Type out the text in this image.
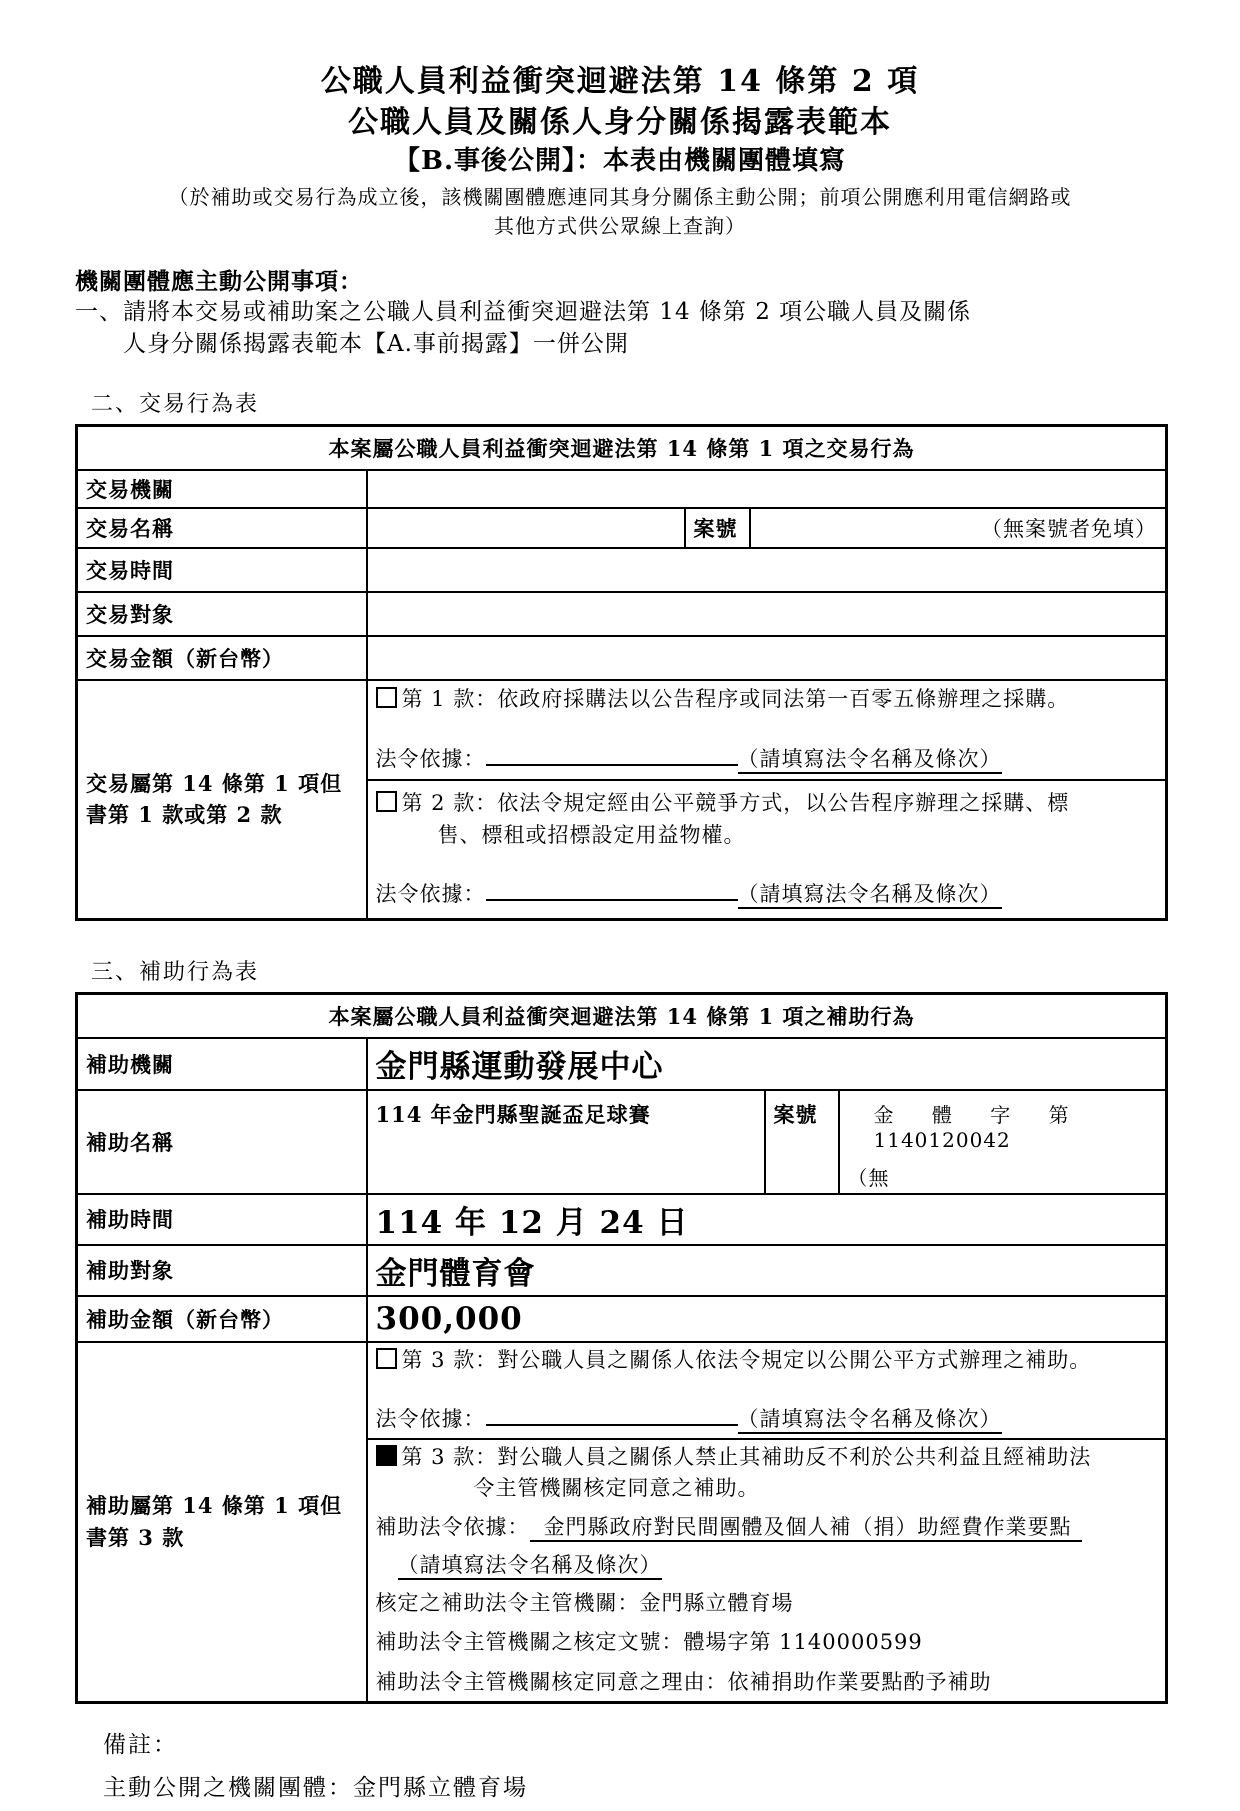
公職人員利益衝突迴避法第 14 條第 2 項
公職人員及關係人身分關係揭露表範本
【B.事後公開】：本表由機關團體填寫
（於補助或交易行為成立後，該機關團體應連同其身分關係主動公開；前項公開應利用電信網路或
其他方式供公眾線上查詢）
機關團體應主動公開事項：
一、 請將本交易或補助案之公職人員利益衝突迴避法第 14 條第 2 項公職人員及關係
人身分關係揭露表範本【A.事前揭露】一併公開
二、交易行為表
本案屬公職人員利益衝突迴避法第 14 條第 1 項之交易行為			
交易機關			
交易名稱		案號	（無案號者免填）
交易時間			
交易對象			
交易金額（新台幣）			
交易屬第 14 條第 1 項但書第 1 款或第 2 款	第 1 款：依政府採購法以公告程序或同法第一百零五條辦理之採購。
法令依據： （請填寫法令名稱及條次）		

	第 2 款：依法令規定經由公平競爭方式，以公告程序辦理之採購、標
售、標租或招標設定用益物權。
法令依據： （請填寫法令名稱及條次）		
三、補助行為表
本案屬公職人員利益衝突迴避法第 14 條第 1 項之補助行為			
補助機關	金門縣運動發展中心		
補助名稱	114 年金門縣聖誕盃足球賽	案號	金 體 字 第 1140120042
（無

補助時間	114 年 12 月 24 日		
補助對象	金門體育會		
補助金額（新台幣）	300,000		
補助屬第 14 條第 1 項但書第 3 款	第 3 款：對公職人員之關係人依法令規定以公開公平方式辦理之補助。
法令依據： （請填寫法令名稱及條次）		

第 3 款：對公職人員之關係人禁止其補助反不利於公共利益且經補助法
令主管機關核定同意之補助。
補助法令依據： 金門縣政府對民間團體及個人補（捐）助經費作業要點
（請填寫法令名稱及條次）
核定之補助法令主管機關：金門縣立體育場
補助法令主管機關之核定文號：體場字第 1140000599
補助法令主管機關核定同意之理由：依補捐助作業要點酌予補助
備註：
主動公開之機關團體：金門縣立體育場
